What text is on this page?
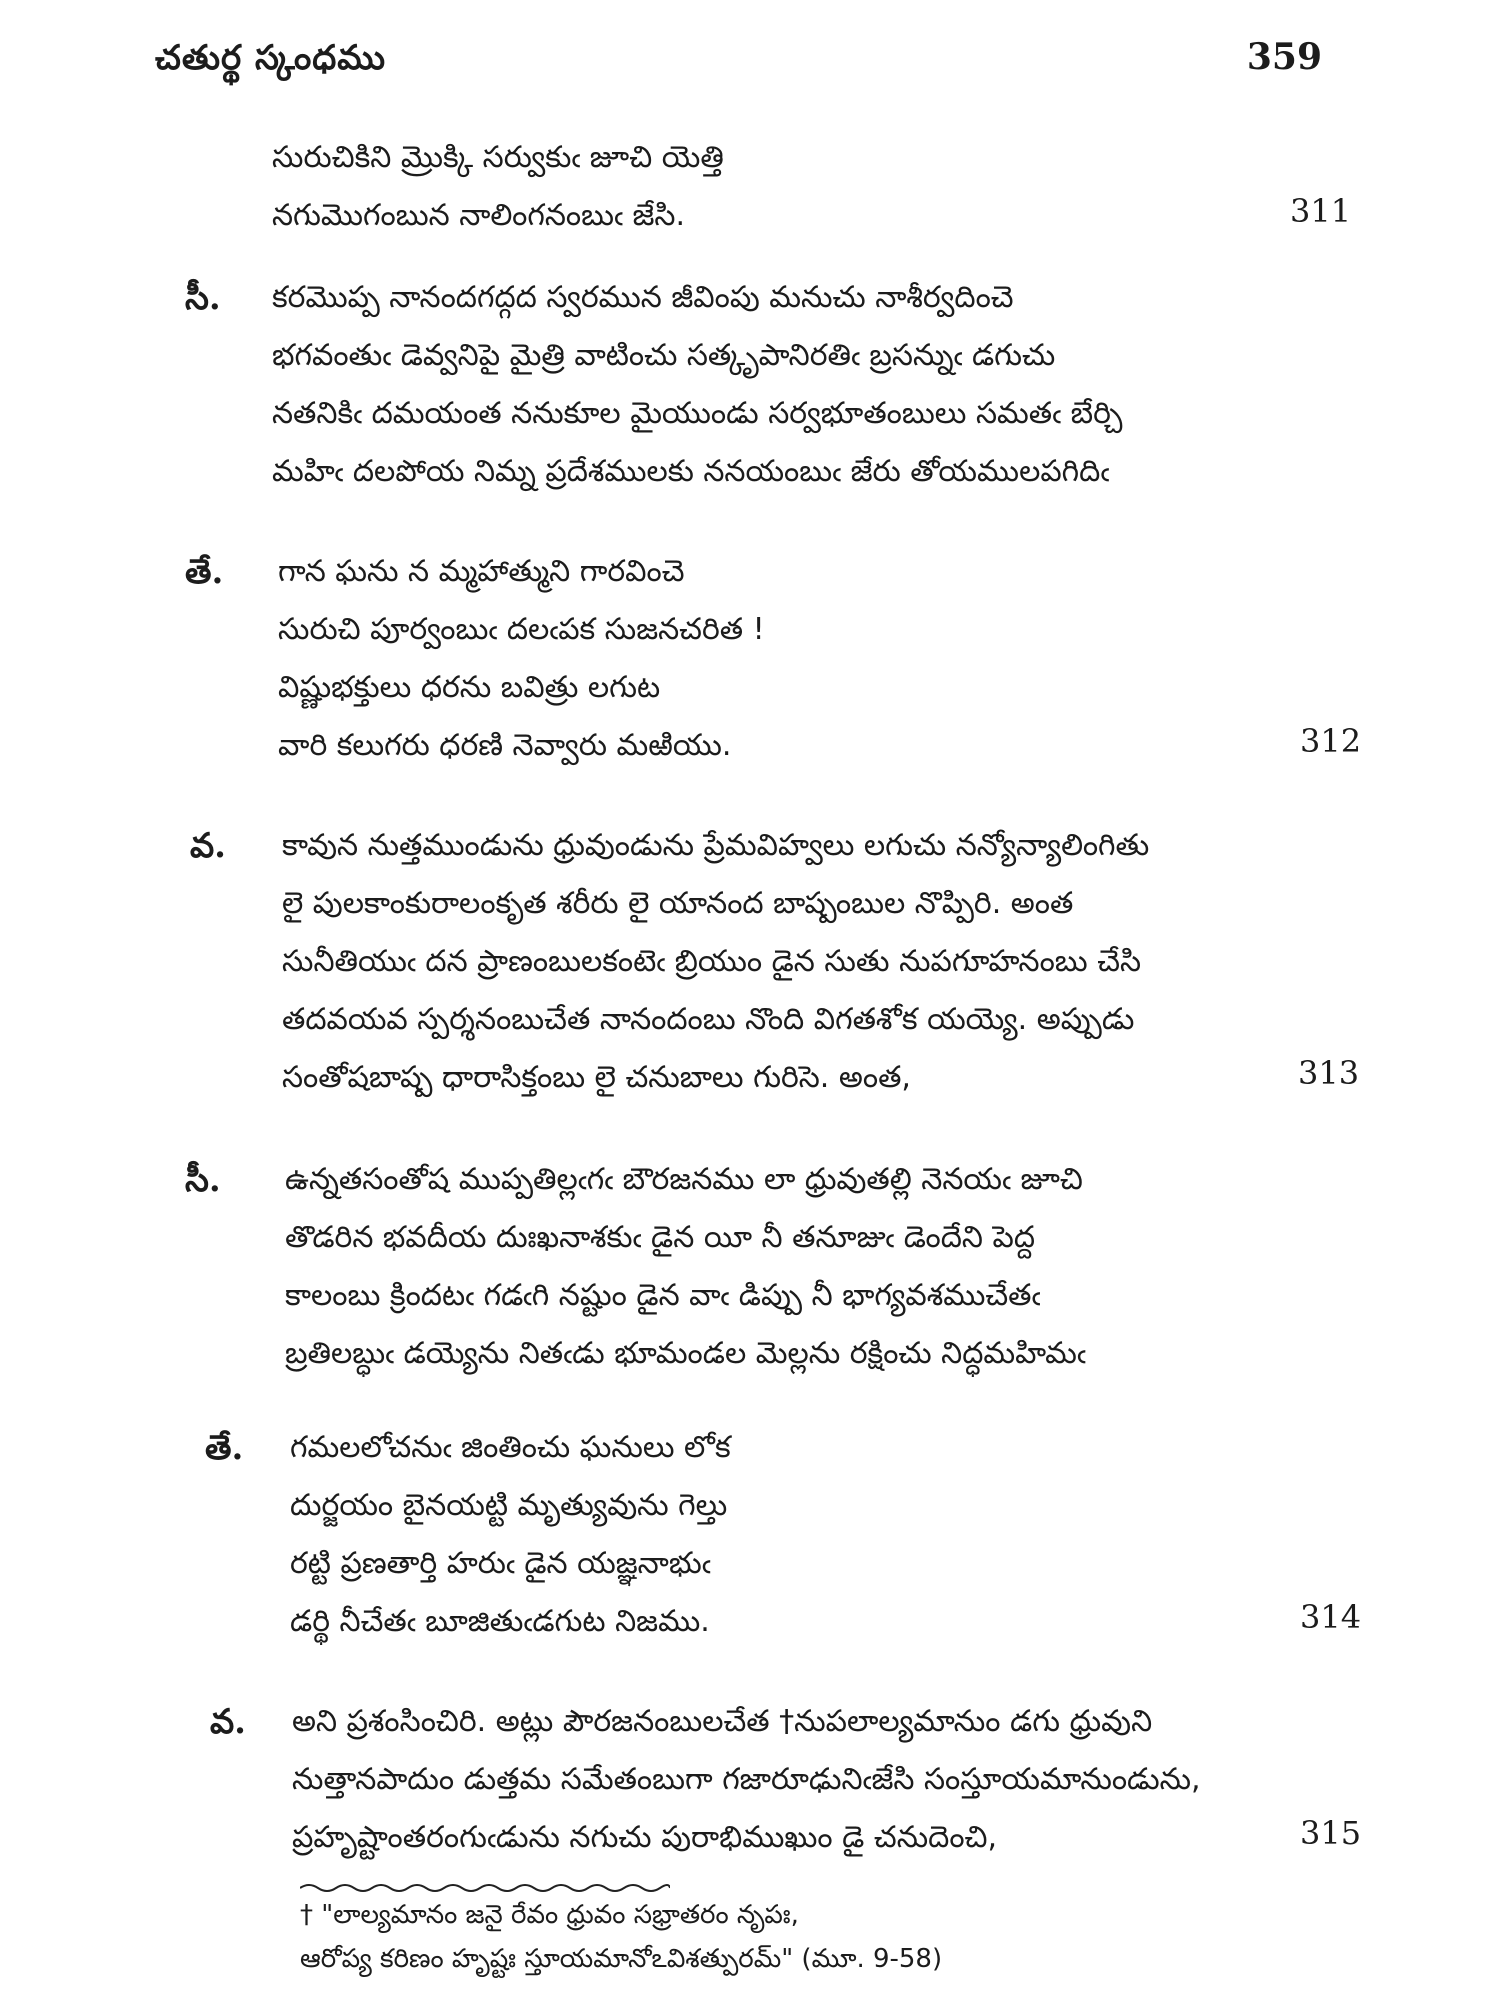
చతుర్థ స్కంధము	359
సురుచికిని మ్రొక్కి సర్వుకుఁ జూచి యెత్తి
నగుమొగంబున నాలింగనంబుఁ జేసి.	311
సీ. కరమొప్ప నానందగద్గద స్వరమున జీవింపు మనుచు నాశీర్వదించె
భగవంతుఁ డెవ్వనిపై మైత్రి వాటించు సత్కృపానిరతిఁ బ్రసన్నుఁ డగుచు
నతనికిఁ దమయంత ననుకూల మైయుండు సర్వభూతంబులు సమతఁ బేర్చి
మహిఁ దలపోయ నిమ్న ప్రదేశములకు ననయంబుఁ జేరు తోయములపగిదిఁ
తే. గాన ఘను న మ్మహాత్ముని గారవించె
సురుచి పూర్వంబుఁ దలఁపక సుజనచరిత !
విష్ణుభక్తులు ధరను బవిత్రు లగుట
వారి కలుగరు ధరణి నెవ్వారు మఱియు.	312
వ. కావున నుత్తముండును ధ్రువుండును ప్రేమవిహ్వలు లగుచు నన్యోన్యాలింగితు
లై పులకాంకురాలంకృత శరీరు లై యానంద బాష్పంబుల నొప్పిరి. అంత
సునీతియుఁ దన ప్రాణంబులకంటెఁ బ్రియుం డైన సుతు నుపగూహనంబు చేసి
తదవయవ స్పర్శనంబుచేత నానందంబు నొంది విగతశోక యయ్యె. అప్పుడు
సంతోషబాష్ప ధారాసిక్తంబు లై చనుబాలు గురిసె. అంత,	313
సీ. ఉన్నతసంతోష ముప్పతిల్లఁగఁ బౌరజనము లా ధ్రువుతల్లి నెనయఁ జూచి
తొడరిన భవదీయ దుఃఖనాశకుఁ డైన యీ నీ తనూజుఁ డెందేని పెద్ద
కాలంబు క్రిందటఁ గడఁగి నష్టుం డైన వాఁ డిప్పు నీ భాగ్యవశముచేతఁ
బ్రతిలబ్ధుఁ డయ్యెను నితఁడు భూమండల మెల్లను రక్షించు నిద్ధమహిమఁ
తే. గమలలోచనుఁ జింతించు ఘనులు లోక
దుర్జయం బైనయట్టి మృత్యువును గెల్తు
రట్టి ప్రణతార్తి హరుఁ డైన యజ్ఞనాభుఁ
డర్థి నీచేతఁ బూజితుఁడగుట నిజము.	314
వ. అని ప్రశంసించిరి. అట్లు పౌరజనంబులచేత †నుపలాల్యమానుం డగు ధ్రువుని
నుత్తానపాదుం డుత్తమ సమేతంబుగా గజారూఢునిఁజేసి సంస్తూయమానుండును,
ప్రహృష్టాంతరంగుఁడును నగుచు పురాభిముఖుం డై చనుదెంచి,	315
† "లాల్యమానం జనై రేవం ధ్రువం సభ్రాతరం నృపః,
ఆరోప్య కరిణం హృష్టః స్తూయమానోఽవిశత్పురమ్" (మూ. 9-58)
